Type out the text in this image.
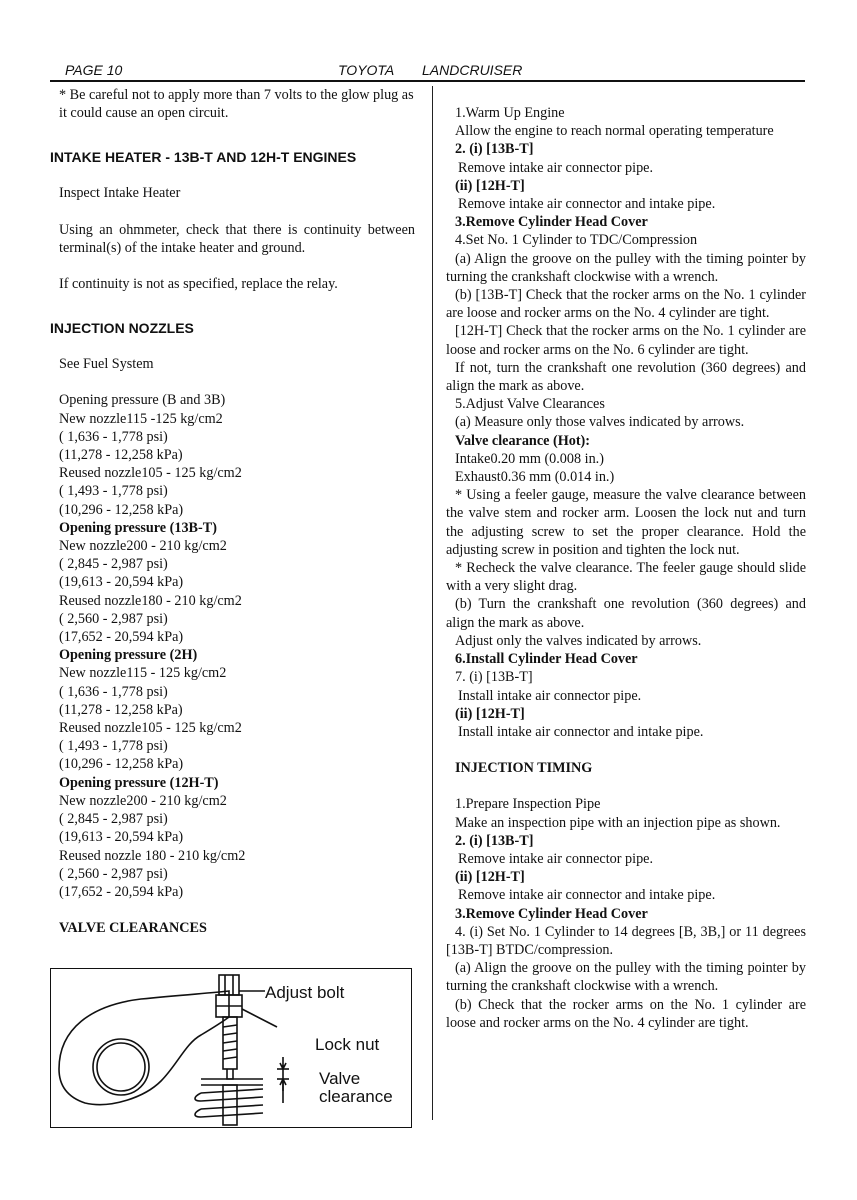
PAGE 10	TOYOTA LANDCRUISER

* Be careful not to apply more than 7 volts to the glow plug as it could cause an open circuit.

INTAKE HEATER - 13B-T AND 12H-T ENGINES

Inspect Intake Heater

Using an ohmmeter, check that there is continuity between terminal(s) of the intake heater and ground.

If continuity is not as specified, replace the relay.

INJECTION NOZZLES

See Fuel System

Opening pressure (B and 3B)

New nozzle115 -125 kg/cm2

( 1,636 - 1,778 psi)

(11,278 - 12,258 kPa)

Reused nozzle105 - 125 kg/cm2

( 1,493 - 1,778 psi)

(10,296 - 12,258 kPa)

Opening pressure (13B-T)

New nozzle200 - 210 kg/cm2

( 2,845 - 2,987 psi)

(19,613 - 20,594 kPa)

Reused nozzle180 - 210 kg/cm2

( 2,560 - 2,987 psi)

(17,652 - 20,594 kPa)

Opening pressure (2H)

New nozzle115 - 125 kg/cm2

( 1,636 - 1,778 psi)

(11,278 - 12,258 kPa)

Reused nozzle105 - 125 kg/cm2

( 1,493 - 1,778 psi)

(10,296 - 12,258 kPa)

Opening pressure (12H-T)

New nozzle200 - 210 kg/cm2

( 2,845 - 2,987 psi)

(19,613 - 20,594 kPa)

Reused nozzle 180 - 210 kg/cm2

( 2,560 - 2,987 psi)

(17,652 - 20,594 kPa)

VALVE CLEARANCES

Adjust bolt
Lock nut
Valve
clearance

1.Warm Up Engine

Allow the engine to reach normal operating temperature

2. (i) [13B-T]

Remove intake air connector pipe.

(ii) [12H-T]

Remove intake air connector and intake pipe.

3.Remove Cylinder Head Cover

4.Set No. 1 Cylinder to TDC/Compression

(a) Align the groove on the pulley with the timing pointer by turning the crankshaft clockwise with a wrench.

(b) [13B-T] Check that the rocker arms on the No. 1 cylinder are loose and rocker arms on the No. 4 cylinder are tight.

[12H-T] Check that the rocker arms on the No. 1 cylinder are loose and rocker arms on the No. 6 cylinder are tight.

If not, turn the crankshaft one revolution (360 degrees) and align the mark as above.

5.Adjust Valve Clearances

(a) Measure only those valves indicated by arrows.

Valve clearance (Hot):

Intake0.20 mm (0.008 in.)

Exhaust0.36 mm (0.014 in.)

* Using a feeler gauge, measure the valve clearance between the valve stem and rocker arm. Loosen the lock nut and turn the adjusting screw to set the proper clearance. Hold the adjusting screw in position and tighten the lock nut.

* Recheck the valve clearance. The feeler gauge should slide with a very slight drag.

(b) Turn the crankshaft one revolution (360 degrees) and align the mark as above.

Adjust only the valves indicated by arrows.

6.Install Cylinder Head Cover

7. (i) [13B-T]

Install intake air connector pipe.

(ii) [12H-T]

Install intake air connector and intake pipe.

INJECTION TIMING

1.Prepare Inspection Pipe

Make an inspection pipe with an injection pipe as shown.

2. (i) [13B-T]

Remove intake air connector pipe.

(ii) [12H-T]

Remove intake air connector and intake pipe.

3.Remove Cylinder Head Cover

4. (i) Set No. 1 Cylinder to 14 degrees [B, 3B,] or 11 degrees [13B-T] BTDC/compression.

(a) Align the groove on the pulley with the timing pointer by turning the crankshaft clockwise with a wrench.

(b) Check that the rocker arms on the No. 1 cylinder are loose and rocker arms on the No. 4 cylinder are tight.
